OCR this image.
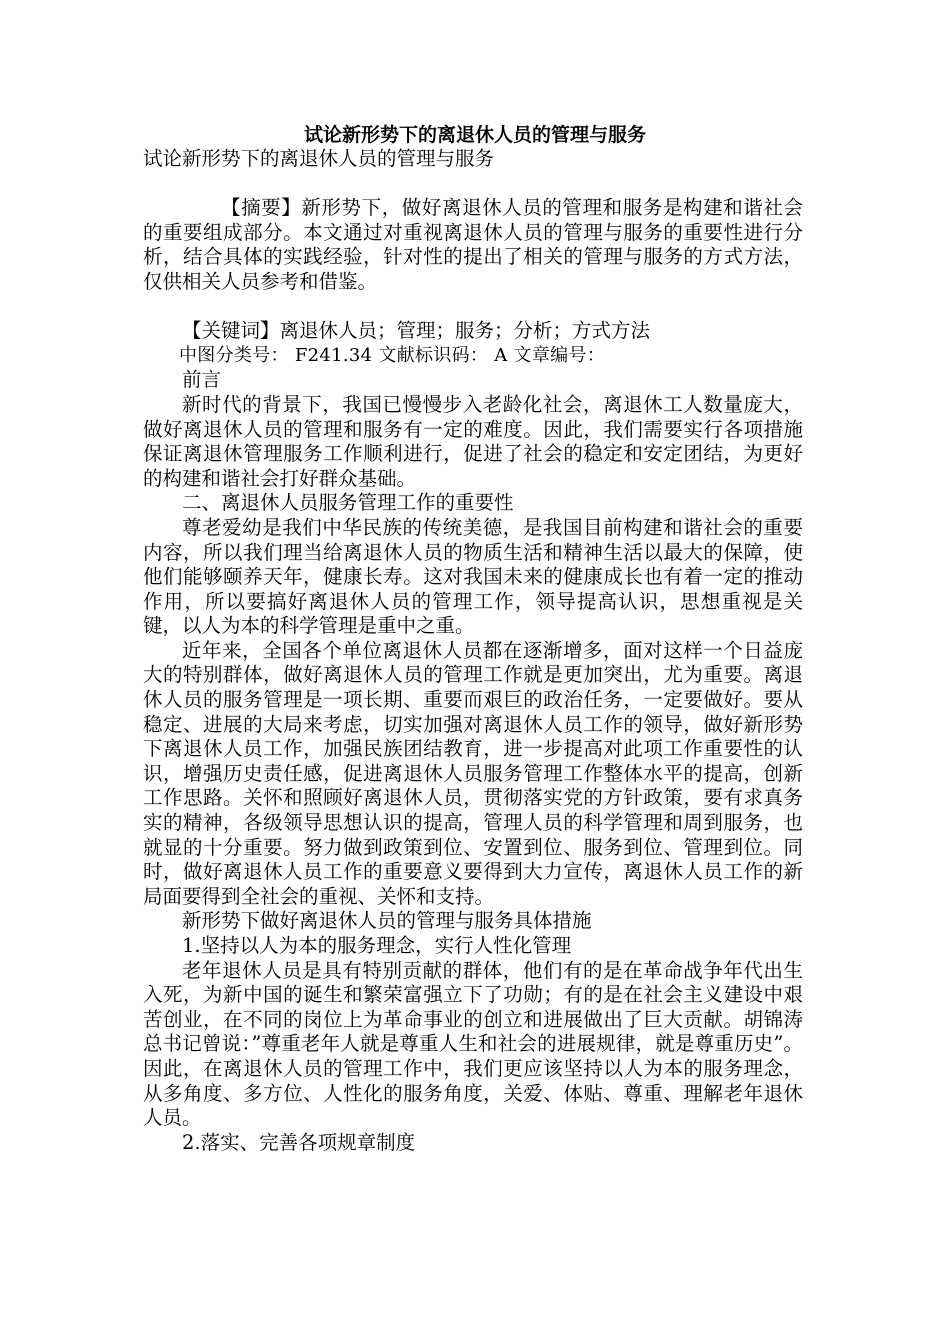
试论新形势下的离退休人员的管理与服务

试论新形势下的离退休人员的管理与服务

【摘要】新形势下，做好离退休人员的管理和服务是构建和谐社会的重要组成部分。本文通过对重视离退休人员的管理与服务的重要性进行分析，结合具体的实践经验，针对性的提出了相关的管理与服务的方式方法，仅供相关人员参考和借鉴。

【关键词】离退休人员；管理；服务；分析；方式方法

中图分类号： F241.34 文献标识码： A 文章编号：

前言

新时代的背景下，我国已慢慢步入老龄化社会，离退休工人数量庞大，做好离退休人员的管理和服务有一定的难度。因此，我们需要实行各项措施保证离退休管理服务工作顺利进行，促进了社会的稳定和安定团结，为更好的构建和谐社会打好群众基础。

二、离退休人员服务管理工作的重要性

尊老爱幼是我们中华民族的传统美德，是我国目前构建和谐社会的重要内容，所以我们理当给离退休人员的物质生活和精神生活以最大的保障，使他们能够颐养天年，健康长寿。这对我国未来的健康成长也有着一定的推动作用，所以要搞好离退休人员的管理工作，领导提高认识，思想重视是关键，以人为本的科学管理是重中之重。

近年来，全国各个单位离退休人员都在逐渐增多，面对这样一个日益庞大的特别群体，做好离退休人员的管理工作就是更加突出，尤为重要。离退休人员的服务管理是一项长期、重要而艰巨的政治任务，一定要做好。要从稳定、进展的大局来考虑，切实加强对离退休人员工作的领导，做好新形势下离退休人员工作，加强民族团结教育，进一步提高对此项工作重要性的认识，增强历史责任感，促进离退休人员服务管理工作整体水平的提高，创新工作思路。关怀和照顾好离退休人员，贯彻落实党的方针政策，要有求真务实的精神，各级领导思想认识的提高，管理人员的科学管理和周到服务，也就显的十分重要。努力做到政策到位、安置到位、服务到位、管理到位。同时，做好离退休人员工作的重要意义要得到大力宣传，离退休人员工作的新局面要得到全社会的重视、关怀和支持。

新形势下做好离退休人员的管理与服务具体措施

1.坚持以人为本的服务理念，实行人性化管理

老年退休人员是具有特别贡献的群体，他们有的是在革命战争年代出生入死，为新中国的诞生和繁荣富强立下了功勋；有的是在社会主义建设中艰苦创业，在不同的岗位上为革命事业的创立和进展做出了巨大贡献。胡锦涛总书记曾说：”尊重老年人就是尊重人生和社会的进展规律，就是尊重历史”。因此，在离退休人员的管理工作中，我们更应该坚持以人为本的服务理念，从多角度、多方位、人性化的服务角度，关爱、体贴、尊重、理解老年退休人员。

2.落实、完善各项规章制度
